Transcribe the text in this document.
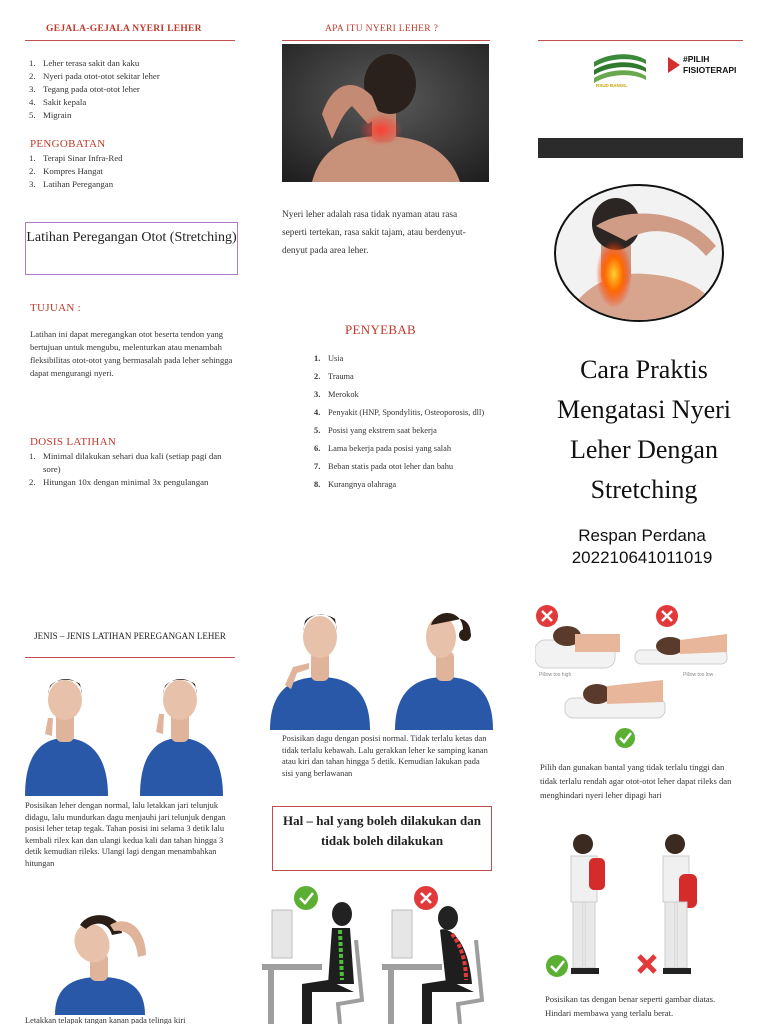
GEJALA-GEJALA NYERI LEHER
1. Leher terasa sakit dan kaku
2. Nyeri pada otot-otot sekitar leher
3. Tegang pada otot-otot leher
4. Sakit kepala
5. Migrain
PENGOBATAN
1. Terapi Sinar Infra-Red
2. Kompres Hangat
3. Latihan Peregangan
Latihan Peregangan Otot (Stretching)
TUJUAN :
Latihan ini dapat meregangkan otot beserta tendon yang bertujuan untuk mengubu, melenturkan atau menambah fleksibilitas otot-otot yang bermasalah pada leher sehingga dapat mengurangi nyeri.
DOSIS LATIHAN
1. Minimal dilakukan sehari dua kali (setiap pagi dan sore)
2. Hitungan 10x dengan minimal 3x pengulangan
APA ITU NYERI LEHER ?
Nyeri leher adalah rasa tidak nyaman atau rasa seperti tertekan, rasa sakit tajam, atau berdenyut-denyut pada area leher.
PENYEBAB
1. Usia
2. Trauma
3. Merokok
4. Penyakit (HNP, Spondylitis, Osteoporosis, dll)
5. Posisi yang ekstrem saat bekerja
6. Lama bekerja pada posisi yang salah
7. Beban statis pada otot leher dan bahu
8. Kurangnya olahraga
RSUD BANGIL
#PILIH
FISIOTERAPI
Cara Praktis Mengatasi Nyeri Leher Dengan Stretching
Respan Perdana
202210641011019
JENIS – JENIS LATIHAN PEREGANGAN LEHER
Posisikan leher dengan normal, lalu letakkan jari telunjuk didagu, lalu mundurkan dagu menjauhi jari telunjuk dengan posisi leher tetap tegak. Tahan posisi ini selama 3 detik lalu kembali rilex kan dan ulangi kedua kali dan tahan hingga 3 detik kemudian rileks. Ulangi lagi dengan menambahkan hitungan
Letakkan telapak tangan kanan pada telinga kiri
Posisikan dagu dengan posisi normal. Tidak terlalu ketas dan tidak terlalu kebawah. Lalu gerakkan leher ke samping kanan atau kiri dan tahan hingga 5 detik. Kemudian lakukan pada sisi yang berlawanan
Hal – hal yang boleh dilakukan dan tidak boleh dilakukan
Pillow too high	Pillow too low
Pilih dan gunakan bantal yang tidak terlalu tinggi dan tidak terlalu rendah agar otot-otot leher dapat rileks dan menghindari nyeri leher dipagi hari
Posisikan tas dengan benar seperti gambar diatas. Hindari membawa yang terlalu berat.
